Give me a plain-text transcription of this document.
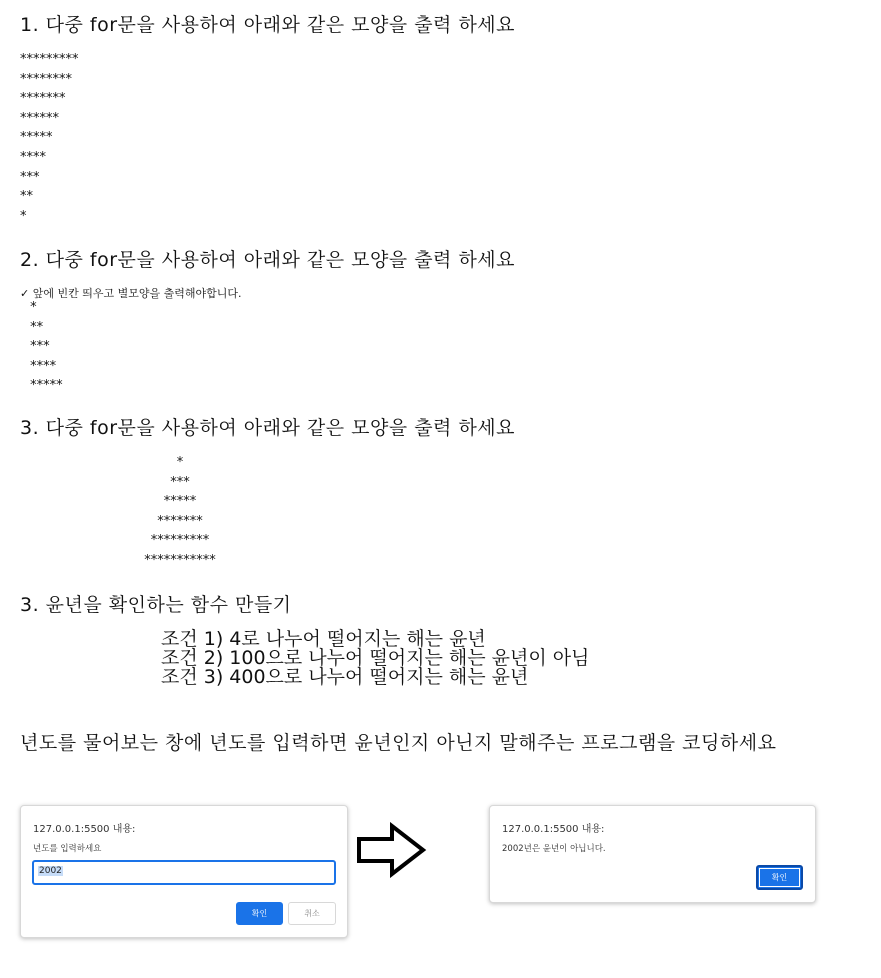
1. 다중 for문을 사용하여 아래와 같은 모양을 출력 하세요
*********
********
*******
******
*****
****
***
**
*
2. 다중 for문을 사용하여 아래와 같은 모양을 출력 하세요
✓ 앞에 빈칸 띄우고 별모양을 출력해야합니다.
*
**
***
****
*****
3. 다중 for문을 사용하여 아래와 같은 모양을 출력 하세요
*
***
*****
*******
*********
***********
3. 윤년을 확인하는 함수 만들기
조건 1) 4로 나누어 떨어지는 해는 윤년
조건 2) 100으로 나누어 떨어지는 해는 윤년이 아님
조건 3) 400으로 나누어 떨어지는 해는 윤년
년도를 물어보는 창에 년도를 입력하면 윤년인지 아닌지 말해주는 프로그램을 코딩하세요
127.0.0.1:5500 내용:
년도를 입력하세요
2002
확인	취소
127.0.0.1:5500 내용:
2002년은 윤년이 아닙니다.
확인
